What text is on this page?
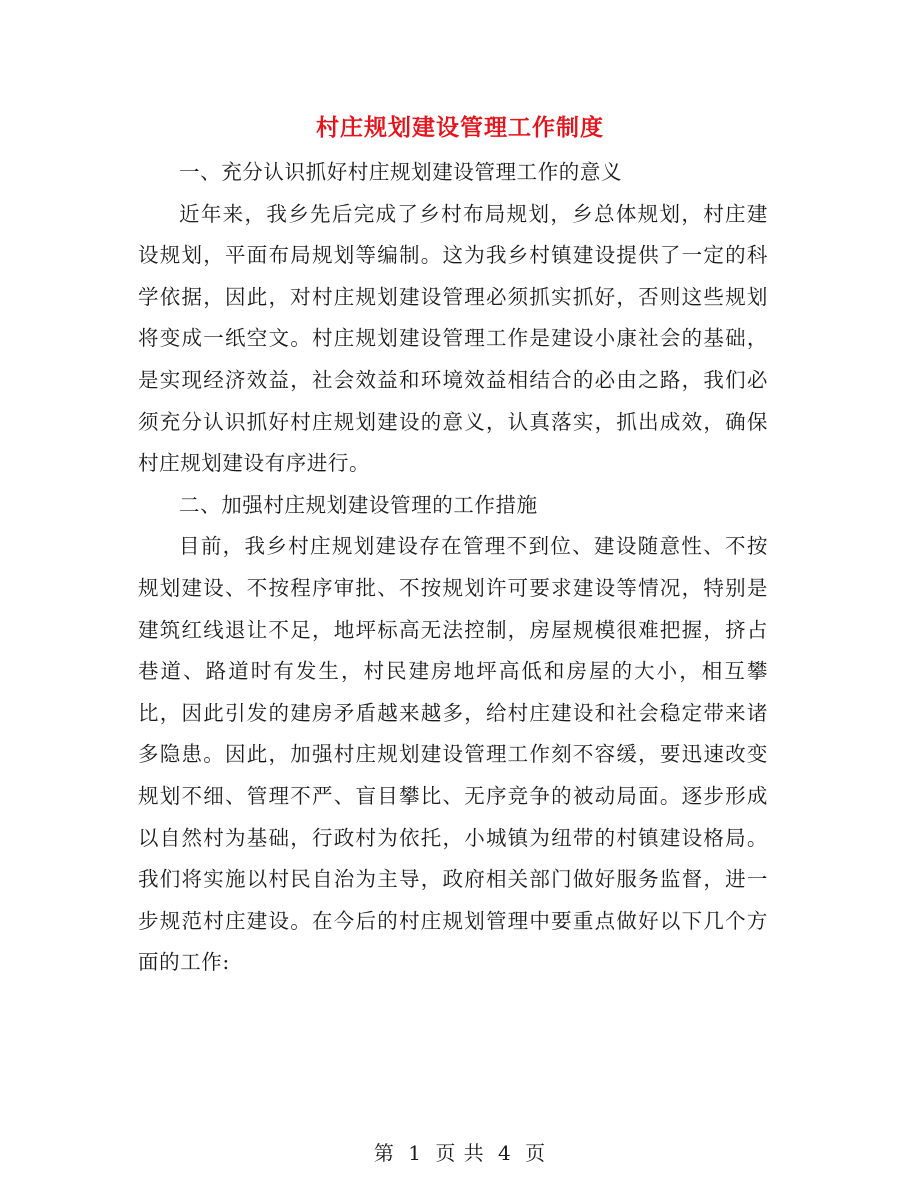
村庄规划建设管理工作制度

一、充分认识抓好村庄规划建设管理工作的意义

近年来，我乡先后完成了乡村布局规划，乡总体规划，村庄建设规划，平面布局规划等编制。这为我乡村镇建设提供了一定的科学依据，因此，对村庄规划建设管理必须抓实抓好，否则这些规划将变成一纸空文。村庄规划建设管理工作是建设小康社会的基础，是实现经济效益，社会效益和环境效益相结合的必由之路，我们必须充分认识抓好村庄规划建设的意义，认真落实，抓出成效，确保村庄规划建设有序进行。

二、加强村庄规划建设管理的工作措施

目前，我乡村庄规划建设存在管理不到位、建设随意性、不按规划建设、不按程序审批、不按规划许可要求建设等情况，特别是建筑红线退让不足，地坪标高无法控制，房屋规模很难把握，挤占巷道、路道时有发生，村民建房地坪高低和房屋的大小，相互攀比，因此引发的建房矛盾越来越多，给村庄建设和社会稳定带来诸多隐患。因此，加强村庄规划建设管理工作刻不容缓，要迅速改变规划不细、管理不严、盲目攀比、无序竞争的被动局面。逐步形成以自然村为基础，行政村为依托，小城镇为纽带的村镇建设格局。我们将实施以村民自治为主导，政府相关部门做好服务监督，进一步规范村庄建设。在今后的村庄规划管理中要重点做好以下几个方面的工作:

第 1 页 共 4 页
